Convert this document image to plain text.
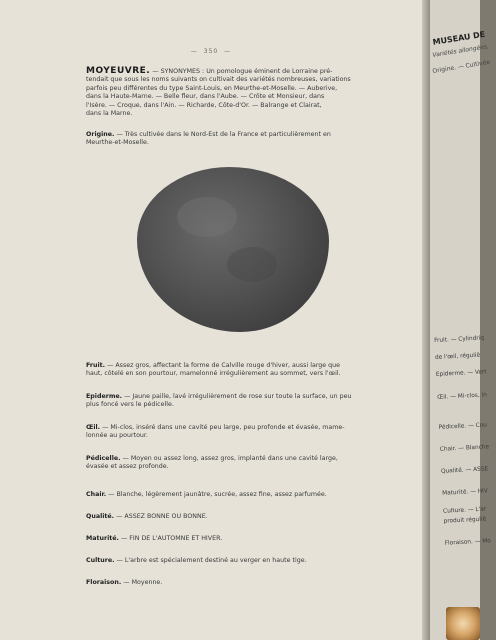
— 350 —
MOYEUVRE. — SYNONYMES : Un pomologue éminent de Lorraine pré-
tendait que sous les noms suivants on cultivait des variétés nombreuses, variations
parfois peu différentes du type Saint-Louis, en Meurthe-et-Moselle. — Auberive,
dans la Haute-Marne. — Belle fleur, dans l'Aube. — Crôte et Monsieur, dans
l'Isère. — Croque, dans l'Ain. — Richarde, Côte-d'Or. — Balrange et Clairat,
dans la Marne.
Origine. — Très cultivée dans le Nord-Est de la France et particulièrement en
Meurthe-et-Moselle.
Fruit. — Assez gros, affectant la forme de Calville rouge d'hiver, aussi large que
haut, côtelé en son pourtour, mamelonné irrégulièrement au sommet, vers l'œil.
Epiderme. — Jaune paille, lavé irrégulièrement de rose sur toute la surface, un peu
plus foncé vers le pédicelle.
Œil. — Mi-clos, inséré dans une cavité peu large, peu profonde et évasée, mame-
lonnée au pourtour.
Pédicelle. — Moyen ou assez long, assez gros, implanté dans une cavité large,
évasée et assez profonde.
Chair. — Blanche, légèrement jaunâtre, sucrée, assez fine, assez parfumée.
Qualité. — ASSEZ BONNE OU BONNE.
Maturité. — FIN DE L'AUTOMNE ET HIVER.
Culture. — L'arbre est spécialement destiné au verger en haute tige.
Floraison. — Moyenne.
MUSEAU DE
Variétés allongées,
Origine. — Cultivée
Fruit. — Cylindriq
de l'œil, réguliè
Epiderme. — Vert
Œil. — Mi-clos, in
Pédicelle. — Cou
Chair. — Blanche
Qualité. — ASSE
Maturité. — HIV
Culture. — L'ar
produit réguliè
Floraison. — Mo
